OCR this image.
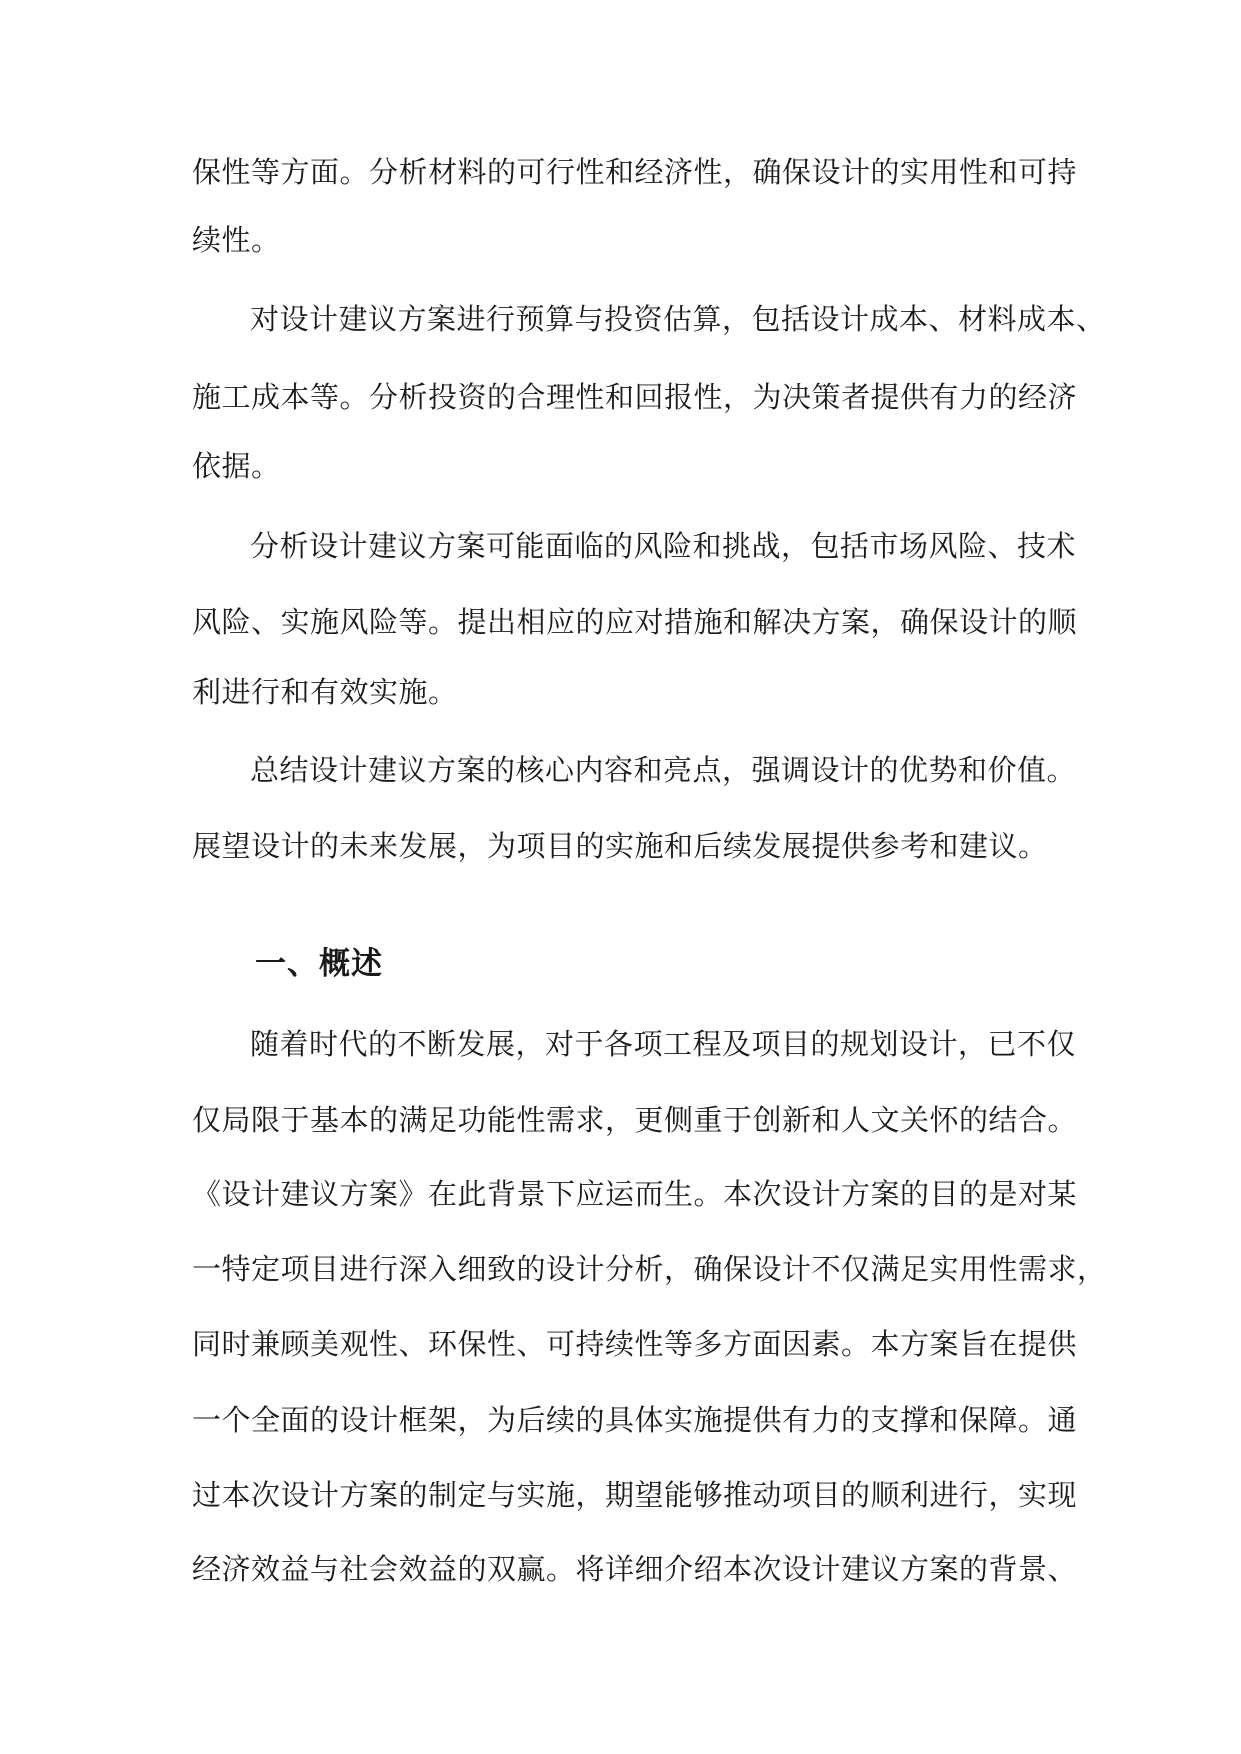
保性等方面。分析材料的可行性和经济性，确保设计的实用性和可持
续性。
对设计建议方案进行预算与投资估算，包括设计成本、材料成本、
施工成本等。分析投资的合理性和回报性，为决策者提供有力的经济
依据。
分析设计建议方案可能面临的风险和挑战，包括市场风险、技术
风险、实施风险等。提出相应的应对措施和解决方案，确保设计的顺
利进行和有效实施。
总结设计建议方案的核心内容和亮点，强调设计的优势和价值。
展望设计的未来发展，为项目的实施和后续发展提供参考和建议。
一、概述
随着时代的不断发展，对于各项工程及项目的规划设计，已不仅
仅局限于基本的满足功能性需求，更侧重于创新和人文关怀的结合。
《设计建议方案》在此背景下应运而生。本次设计方案的目的是对某
一特定项目进行深入细致的设计分析，确保设计不仅满足实用性需求，
同时兼顾美观性、环保性、可持续性等多方面因素。本方案旨在提供
一个全面的设计框架，为后续的具体实施提供有力的支撑和保障。通
过本次设计方案的制定与实施，期望能够推动项目的顺利进行，实现
经济效益与社会效益的双赢。将详细介绍本次设计建议方案的背景、
